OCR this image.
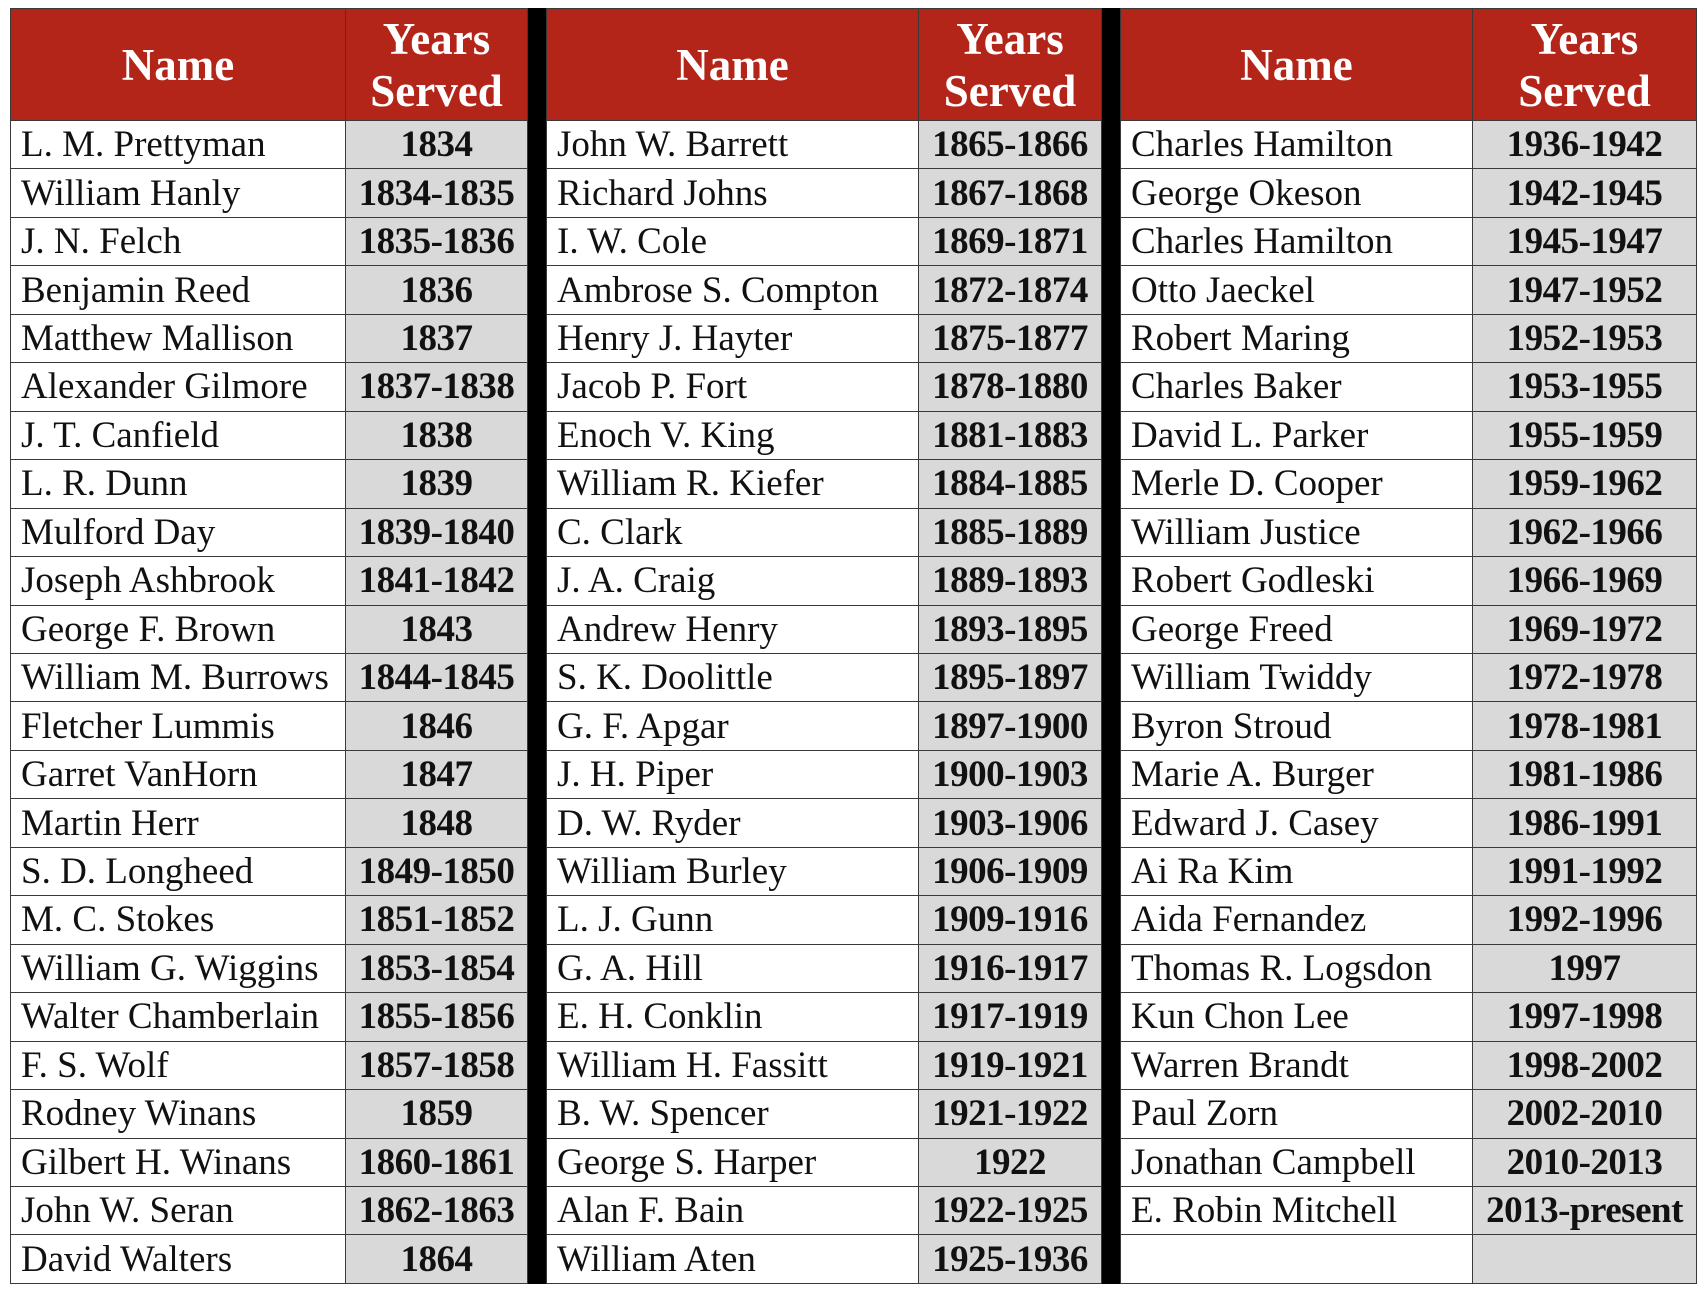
Name	Years
Served
L. M. Prettyman	1834
William Hanly	1834-1835
J. N. Felch	1835-1836
Benjamin Reed	1836
Matthew Mallison	1837
Alexander Gilmore	1837-1838
J. T. Canfield	1838
L. R. Dunn	1839
Mulford Day	1839-1840
Joseph Ashbrook	1841-1842
George F. Brown	1843
William M. Burrows	1844-1845
Fletcher Lummis	1846
Garret VanHorn	1847
Martin Herr	1848
S. D. Longheed	1849-1850
M. C. Stokes	1851-1852
William G. Wiggins	1853-1854
Walter Chamberlain	1855-1856
F. S. Wolf	1857-1858
Rodney Winans	1859
Gilbert H. Winans	1860-1861
John W. Seran	1862-1863
David Walters	1864
Name	Years
Served
John W. Barrett	1865-1866
Richard Johns	1867-1868
I. W. Cole	1869-1871
Ambrose S. Compton	1872-1874
Henry J. Hayter	1875-1877
Jacob P. Fort	1878-1880
Enoch V. King	1881-1883
William R. Kiefer	1884-1885
C. Clark	1885-1889
J. A. Craig	1889-1893
Andrew Henry	1893-1895
S. K. Doolittle	1895-1897
G. F. Apgar	1897-1900
J. H. Piper	1900-1903
D. W. Ryder	1903-1906
William Burley	1906-1909
L. J. Gunn	1909-1916
G. A. Hill	1916-1917
E. H. Conklin	1917-1919
William H. Fassitt	1919-1921
B. W. Spencer	1921-1922
George S. Harper	1922
Alan F. Bain	1922-1925
William Aten	1925-1936
Name	Years
Served
Charles Hamilton	1936-1942
George Okeson	1942-1945
Charles Hamilton	1945-1947
Otto Jaeckel	1947-1952
Robert Maring	1952-1953
Charles Baker	1953-1955
David L. Parker	1955-1959
Merle D. Cooper	1959-1962
William Justice	1962-1966
Robert Godleski	1966-1969
George Freed	1969-1972
William Twiddy	1972-1978
Byron Stroud	1978-1981
Marie A. Burger	1981-1986
Edward J. Casey	1986-1991
Ai Ra Kim	1991-1992
Aida Fernandez	1992-1996
Thomas R. Logsdon	1997
Kun Chon Lee	1997-1998
Warren Brandt	1998-2002
Paul Zorn	2002-2010
Jonathan Campbell	2010-2013
E. Robin Mitchell	2013-present
